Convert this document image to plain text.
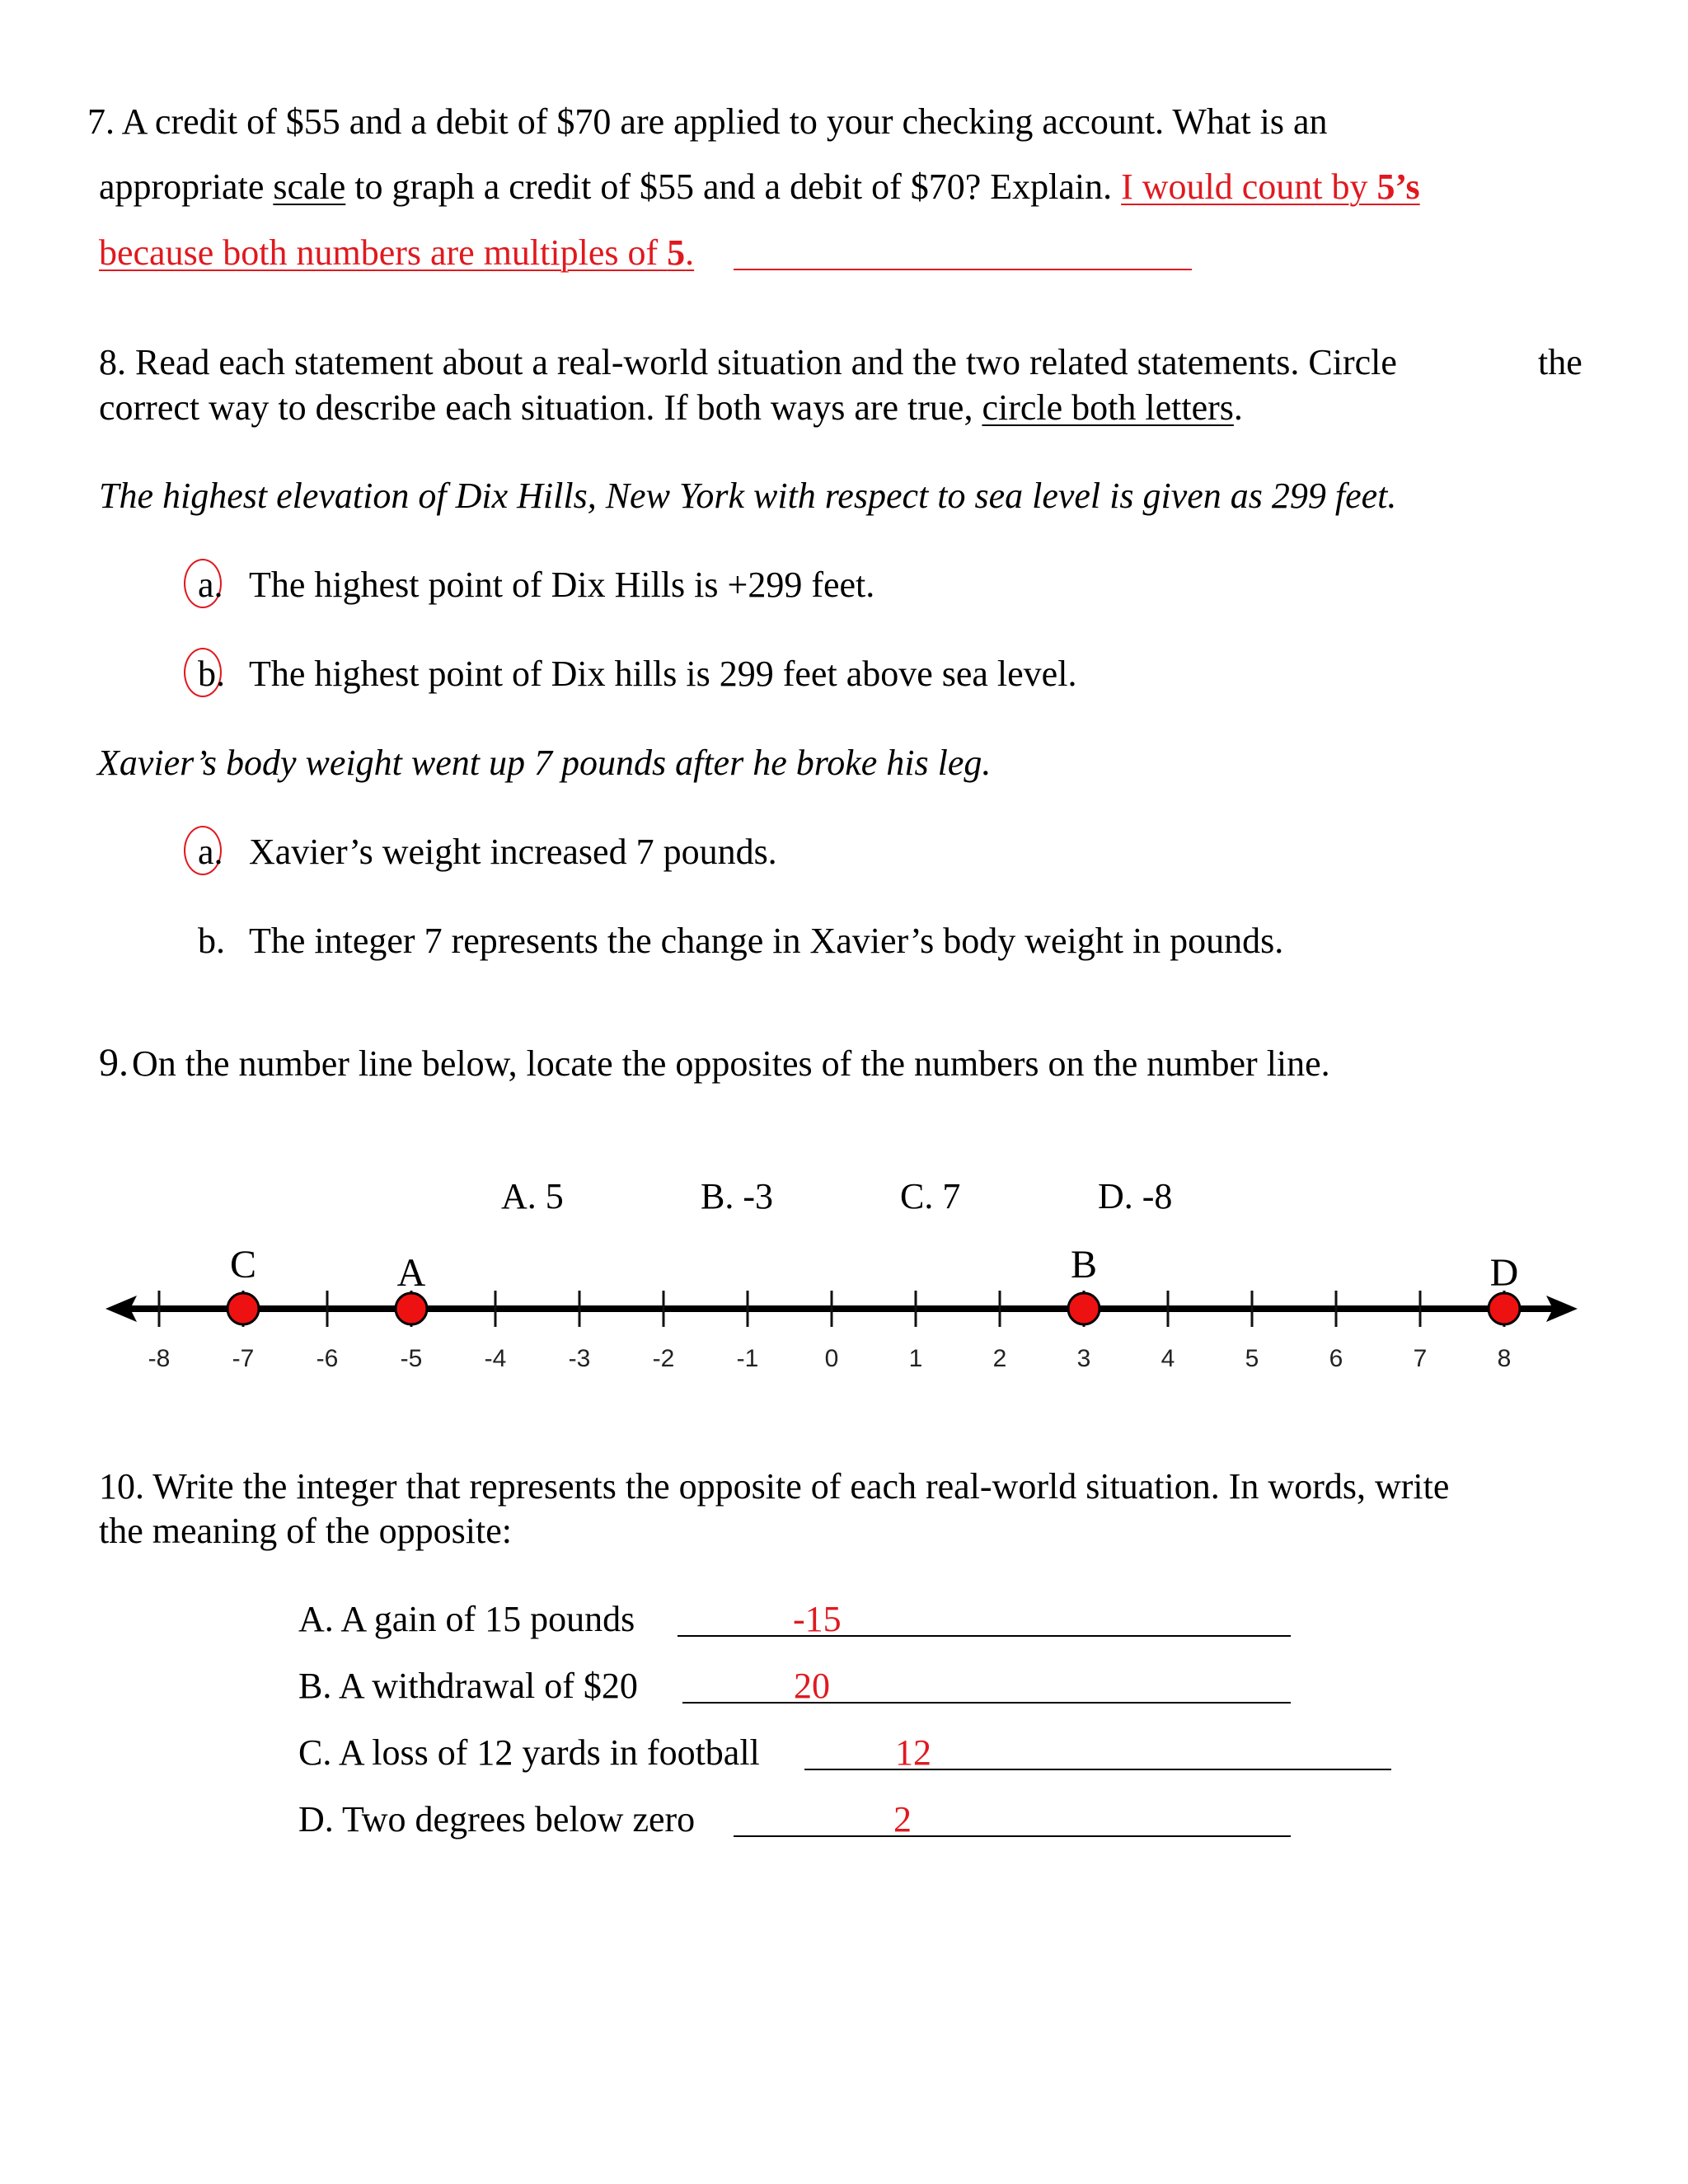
7. A credit of $55 and a debit of $70 are applied to your checking account. What is an
appropriate scale to graph a credit of $55 and a debit of $70? Explain. I would count by 5’s
because both numbers are multiples of 5.
8. Read each statement about a real-world situation and the two related statements. Circle	the
correct way to describe each situation. If both ways are true, circle both letters.
The highest elevation of Dix Hills, New York with respect to sea level is given as 299 feet.
a. The highest point of Dix Hills is +299 feet.
b. The highest point of Dix hills is 299 feet above sea level.
Xavier’s body weight went up 7 pounds after he broke his leg.
a. Xavier’s weight increased 7 pounds.
b. The integer 7 represents the change in Xavier’s body weight in pounds.
9. On the number line below, locate the opposites of the numbers on the number line.
A. 5	B. -3	C. 7	D. -8
-8	-7	-6	-5	-4	-3	-2	-1	0	1	2	3	4	5	6	7	8
C	A	B	D
10. Write the integer that represents the opposite of each real-world situation. In words, write
the meaning of the opposite:
A. A gain of 15 pounds	-15
B. A withdrawal of $20	20
C. A loss of 12 yards in football	12
D. Two degrees below zero	2
